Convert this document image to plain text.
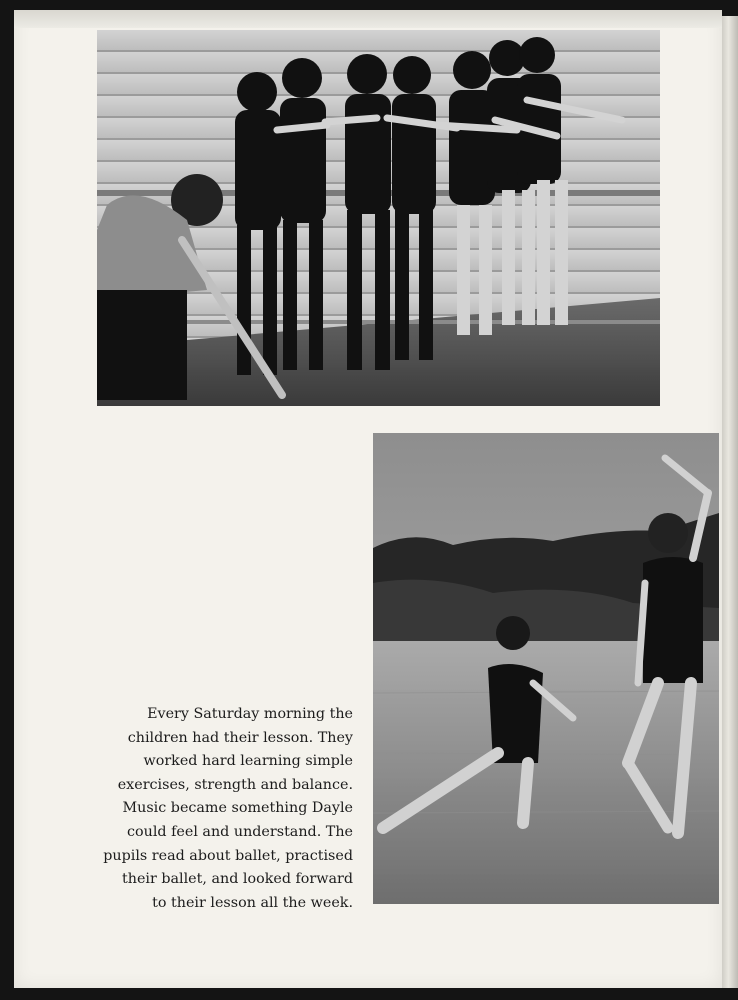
Every Saturday morning the
children had their lesson. They
worked hard learning simple
exercises, strength and balance.
Music became something Dayle
could feel and understand. The
pupils read about ballet, practised
their ballet, and looked forward
to their lesson all the week.
